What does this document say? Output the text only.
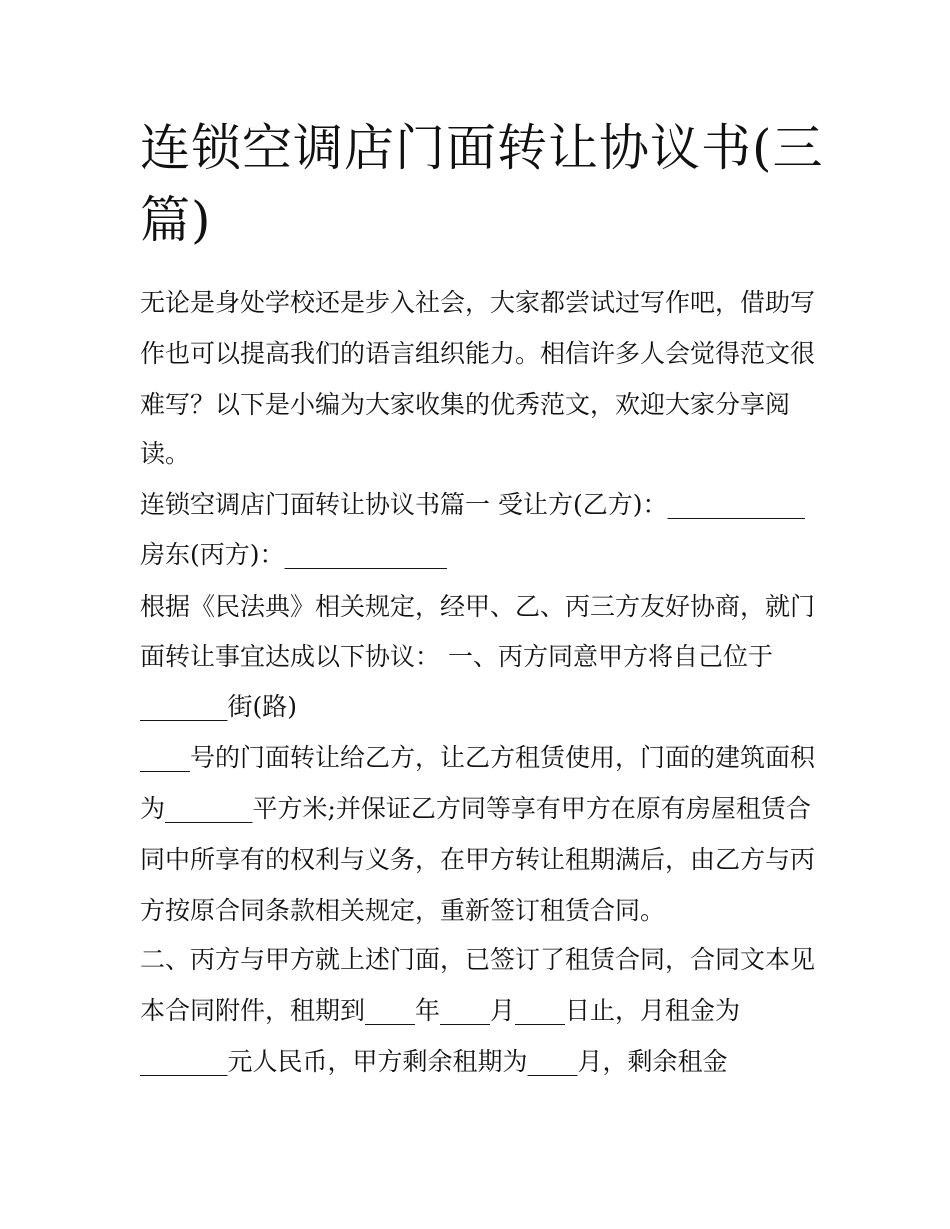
连锁空调店门面转让协议书(三篇)

无论是身处学校还是步入社会，大家都尝试过写作吧，借助写

作也可以提高我们的语言组织能力。相信许多人会觉得范文很

难写？以下是小编为大家收集的优秀范文，欢迎大家分享阅

读。

连锁空调店门面转让协议书篇一 受让方(乙方)：___________

房东(丙方)：_____________

根据《民法典》相关规定，经甲、乙、丙三方友好协商，就门

面转让事宜达成以下协议： 一、丙方同意甲方将自己位于

_______街(路)

____号的门面转让给乙方，让乙方租赁使用，门面的建筑面积

为_______平方米;并保证乙方同等享有甲方在原有房屋租赁合

同中所享有的权利与义务，在甲方转让租期满后，由乙方与丙

方按原合同条款相关规定，重新签订租赁合同。

二、丙方与甲方就上述门面，已签订了租赁合同，合同文本见

本合同附件，租期到____年____月____日止，月租金为

_______元人民币，甲方剩余租期为____月，剩余租金
